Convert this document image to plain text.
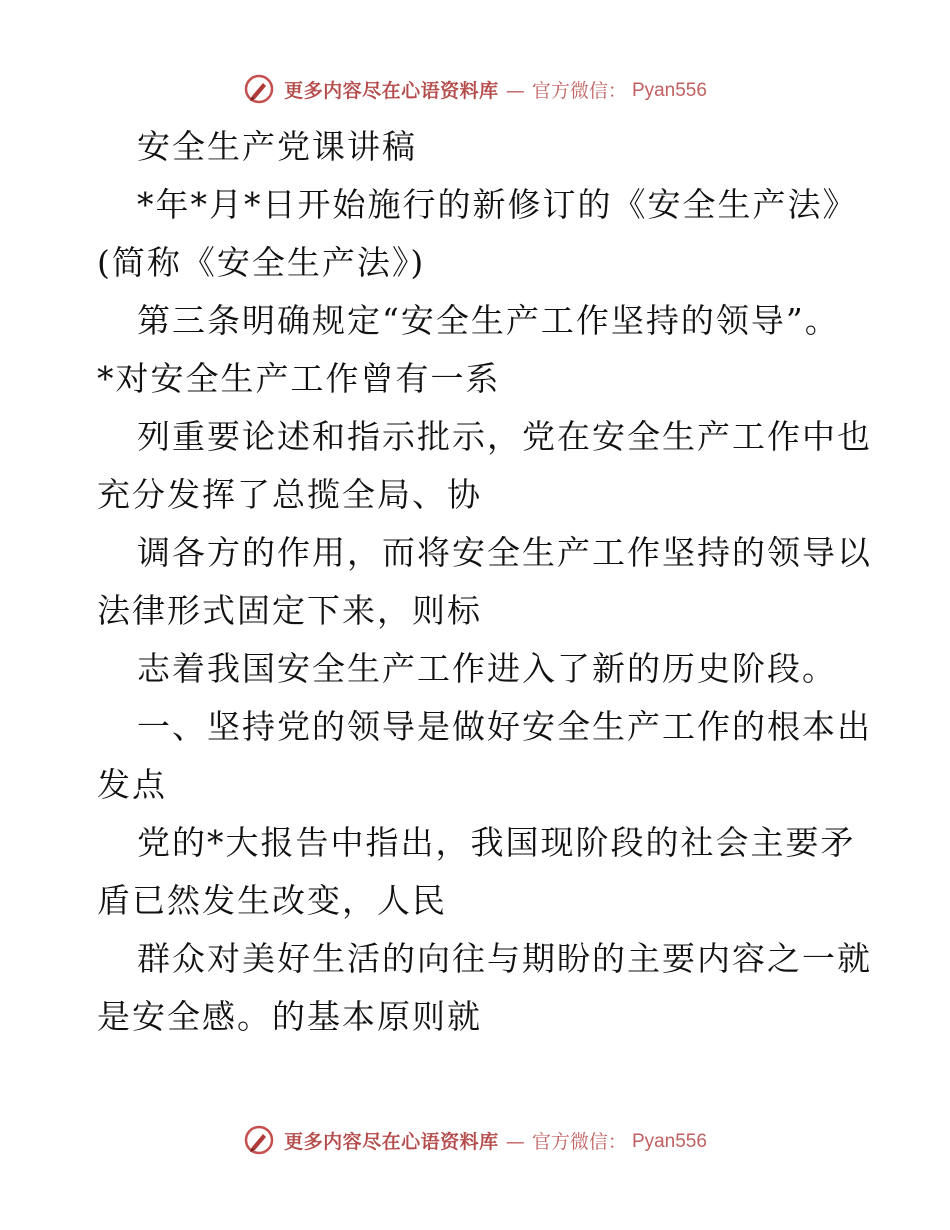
更多内容尽在心语资料库 — 官方微信： Pyan556
安全生产党课讲稿
*年*月*日开始施行的新修订的《安全生产法》
(简称《安全生产法》)
第三条明确规定“安全生产工作坚持的领导”。
*对安全生产工作曾有一系
列重要论述和指示批示，党在安全生产工作中也
充分发挥了总揽全局、协
调各方的作用，而将安全生产工作坚持的领导以
法律形式固定下来，则标
志着我国安全生产工作进入了新的历史阶段。
一、坚持党的领导是做好安全生产工作的根本出
发点
党的*大报告中指出，我国现阶段的社会主要矛
盾已然发生改变，人民
群众对美好生活的向往与期盼的主要内容之一就
是安全感。的基本原则就
更多内容尽在心语资料库 — 官方微信： Pyan556
